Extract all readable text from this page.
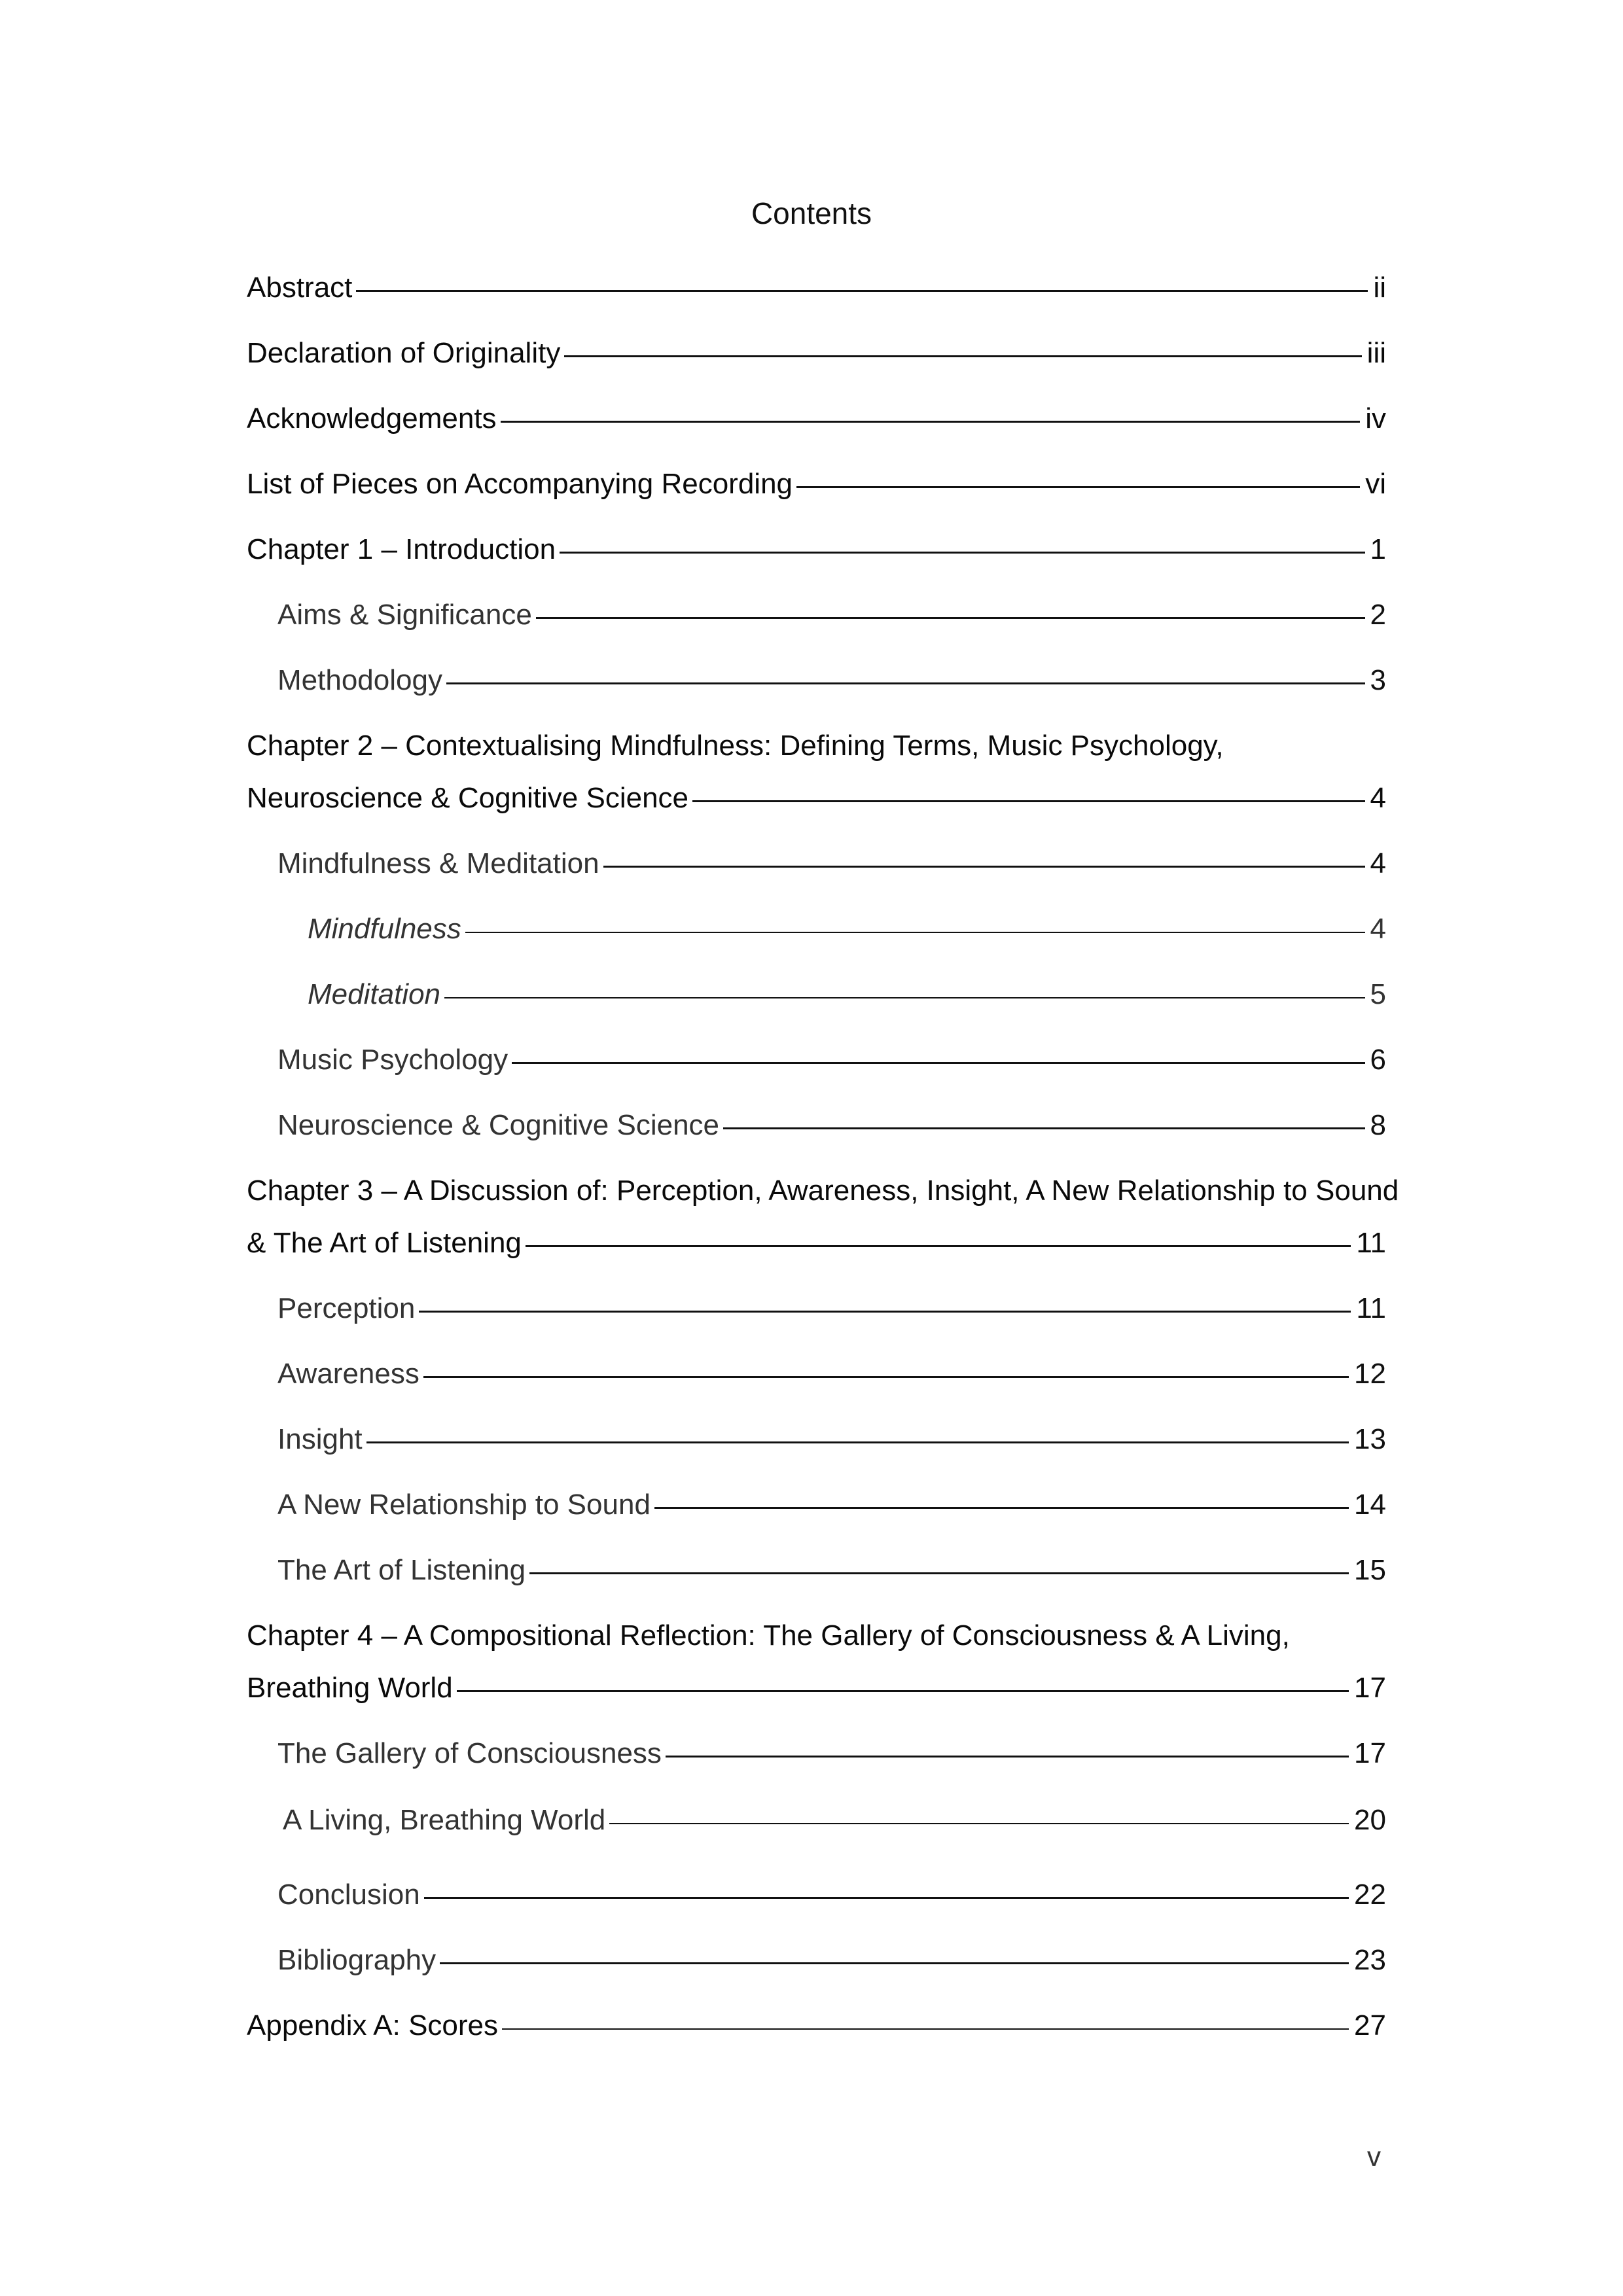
Contents
Abstract	ii
Declaration of Originality	iii
Acknowledgements	iv
List of Pieces on Accompanying Recording	vi
Chapter 1 – Introduction	1
Aims & Significance	2
Methodology	3
Chapter 2 – Contextualising Mindfulness: Defining Terms, Music Psychology,
Neuroscience & Cognitive Science	4
Mindfulness & Meditation	4
Mindfulness	4
Meditation	5
Music Psychology	6
Neuroscience & Cognitive Science	8
Chapter 3 – A Discussion of: Perception, Awareness, Insight, A New Relationship to Sound
& The Art of Listening	11
Perception	11
Awareness	12
Insight	13
A New Relationship to Sound	14
The Art of Listening	15
Chapter 4 – A Compositional Reflection: The Gallery of Consciousness & A Living,
Breathing World	17
The Gallery of Consciousness	17
A Living, Breathing World	20
Conclusion	22
Bibliography	23
Appendix A: Scores	27
v
